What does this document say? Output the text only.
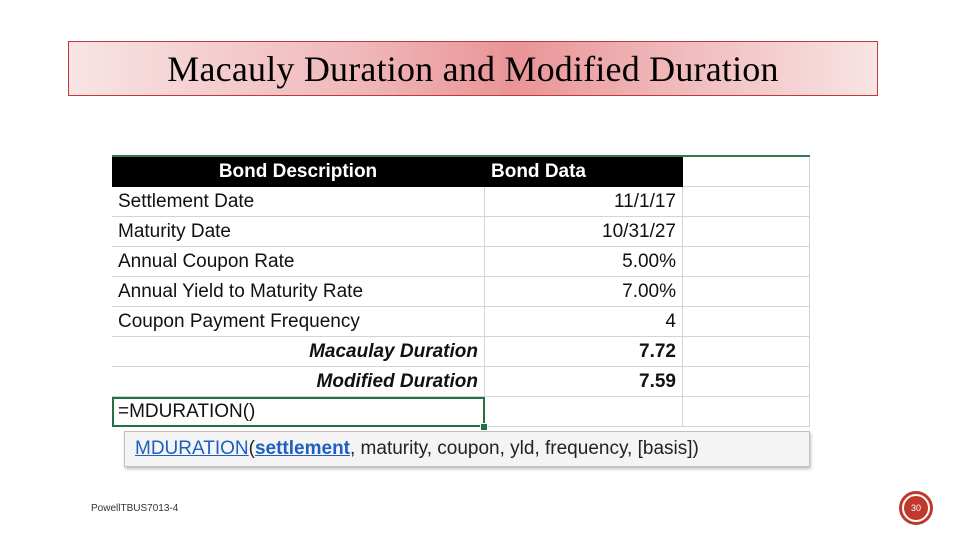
Macauly Duration and Modified Duration
Bond Description	Bond Data
Settlement Date	11/1/17
Maturity Date	10/31/27
Annual Coupon Rate	5.00%
Annual Yield to Maturity Rate	7.00%
Coupon Payment Frequency	4
Macaulay Duration	7.72
Modified Duration	7.59
=MDURATION()
MDURATION ( settlement , maturity, coupon, yld, frequency, [basis])
PowellTBUS7013-4	30
